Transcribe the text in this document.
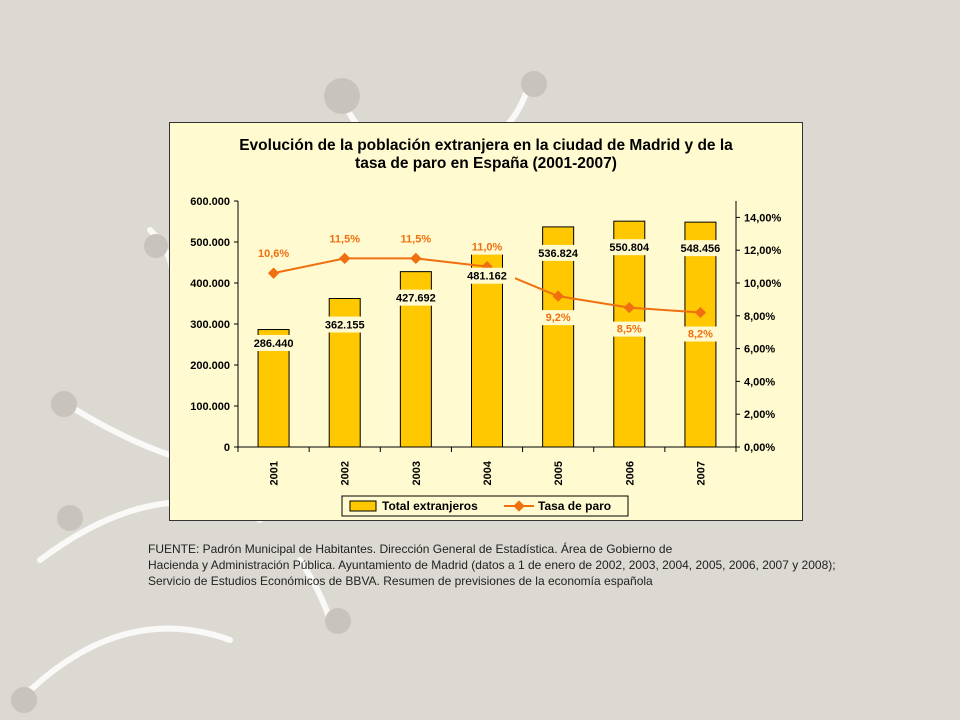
Evolución de la población extranjera en la ciudad de Madrid y de la
tasa de paro en España (2001-2007)
0
100.000
200.000
300.000
400.000
500.000
600.000
0,00%
2,00%
4,00%
6,00%
8,00%
10,00%
12,00%
14,00%
2001	2002	2003	2004	2005	2006	2007
286.440
362.155
427.692
481.162
536.824	550.804	548.456
10,6%
11,5%	11,5%
11,0%
9,2%
8,5%	8,2%
Total extranjeros	Tasa de paro
FUENTE: Padrón Municipal de Habitantes. Dirección General de Estadística. Área de Gobierno de
Hacienda y Administración Pública. Ayuntamiento de Madrid (datos a 1 de enero de 2002, 2003, 2004, 2005, 2006, 2007 y 2008);
Servicio de Estudios Económicos de BBVA. Resumen de previsiones de la economía española
